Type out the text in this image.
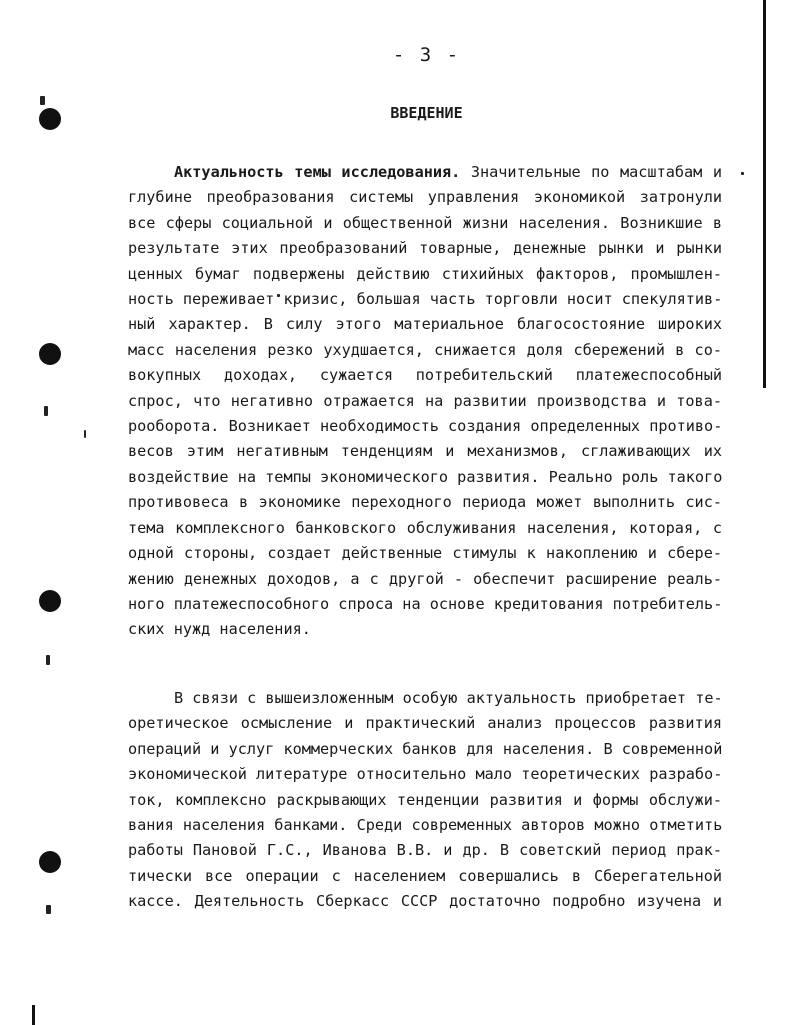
- 3 -
ВВЕДЕНИЕ
Актуальность темы исследования. Значительные по масштабам и
глубине преобразования системы управления экономикой затронули
все сферы социальной и общественной жизни населения. Возникшие в
результате этих преобразований товарные, денежные рынки и рынки
ценных бумаг подвержены действию стихийных факторов, промышлен-
ность переживает кризис, большая часть торговли носит спекулятив-
ный характер. В силу этого материальное благосостояние широких
масс населения резко ухудшается, снижается доля сбережений в со-
вокупных доходах, сужается потребительский платежеспособный
спрос, что негативно отражается на развитии производства и това-
рооборота. Возникает необходимость создания определенных противо-
весов этим негативным тенденциям и механизмов, сглаживающих их
воздействие на темпы экономического развития. Реально роль такого
противовеса в экономике переходного периода может выполнить сис-
тема комплексного банковского обслуживания населения, которая, с
одной стороны, создает действенные стимулы к накоплению и сбере-
жению денежных доходов, а с другой - обеспечит расширение реаль-
ного платежеспособного спроса на основе кредитования потребитель-
ских нужд населения.
В связи с вышеизложенным особую актуальность приобретает те-
оретическое осмысление и практический анализ процессов развития
операций и услуг коммерческих банков для населения. В современной
экономической литературе относительно мало теоретических разрабо-
ток, комплексно раскрывающих тенденции развития и формы обслужи-
вания населения банками. Среди современных авторов можно отметить
работы Пановой Г.С., Иванова В.В. и др. В советский период прак-
тически все операции с населением совершались в Сберегательной
кассе. Деятельность Сберкасс СССР достаточно подробно изучена и
